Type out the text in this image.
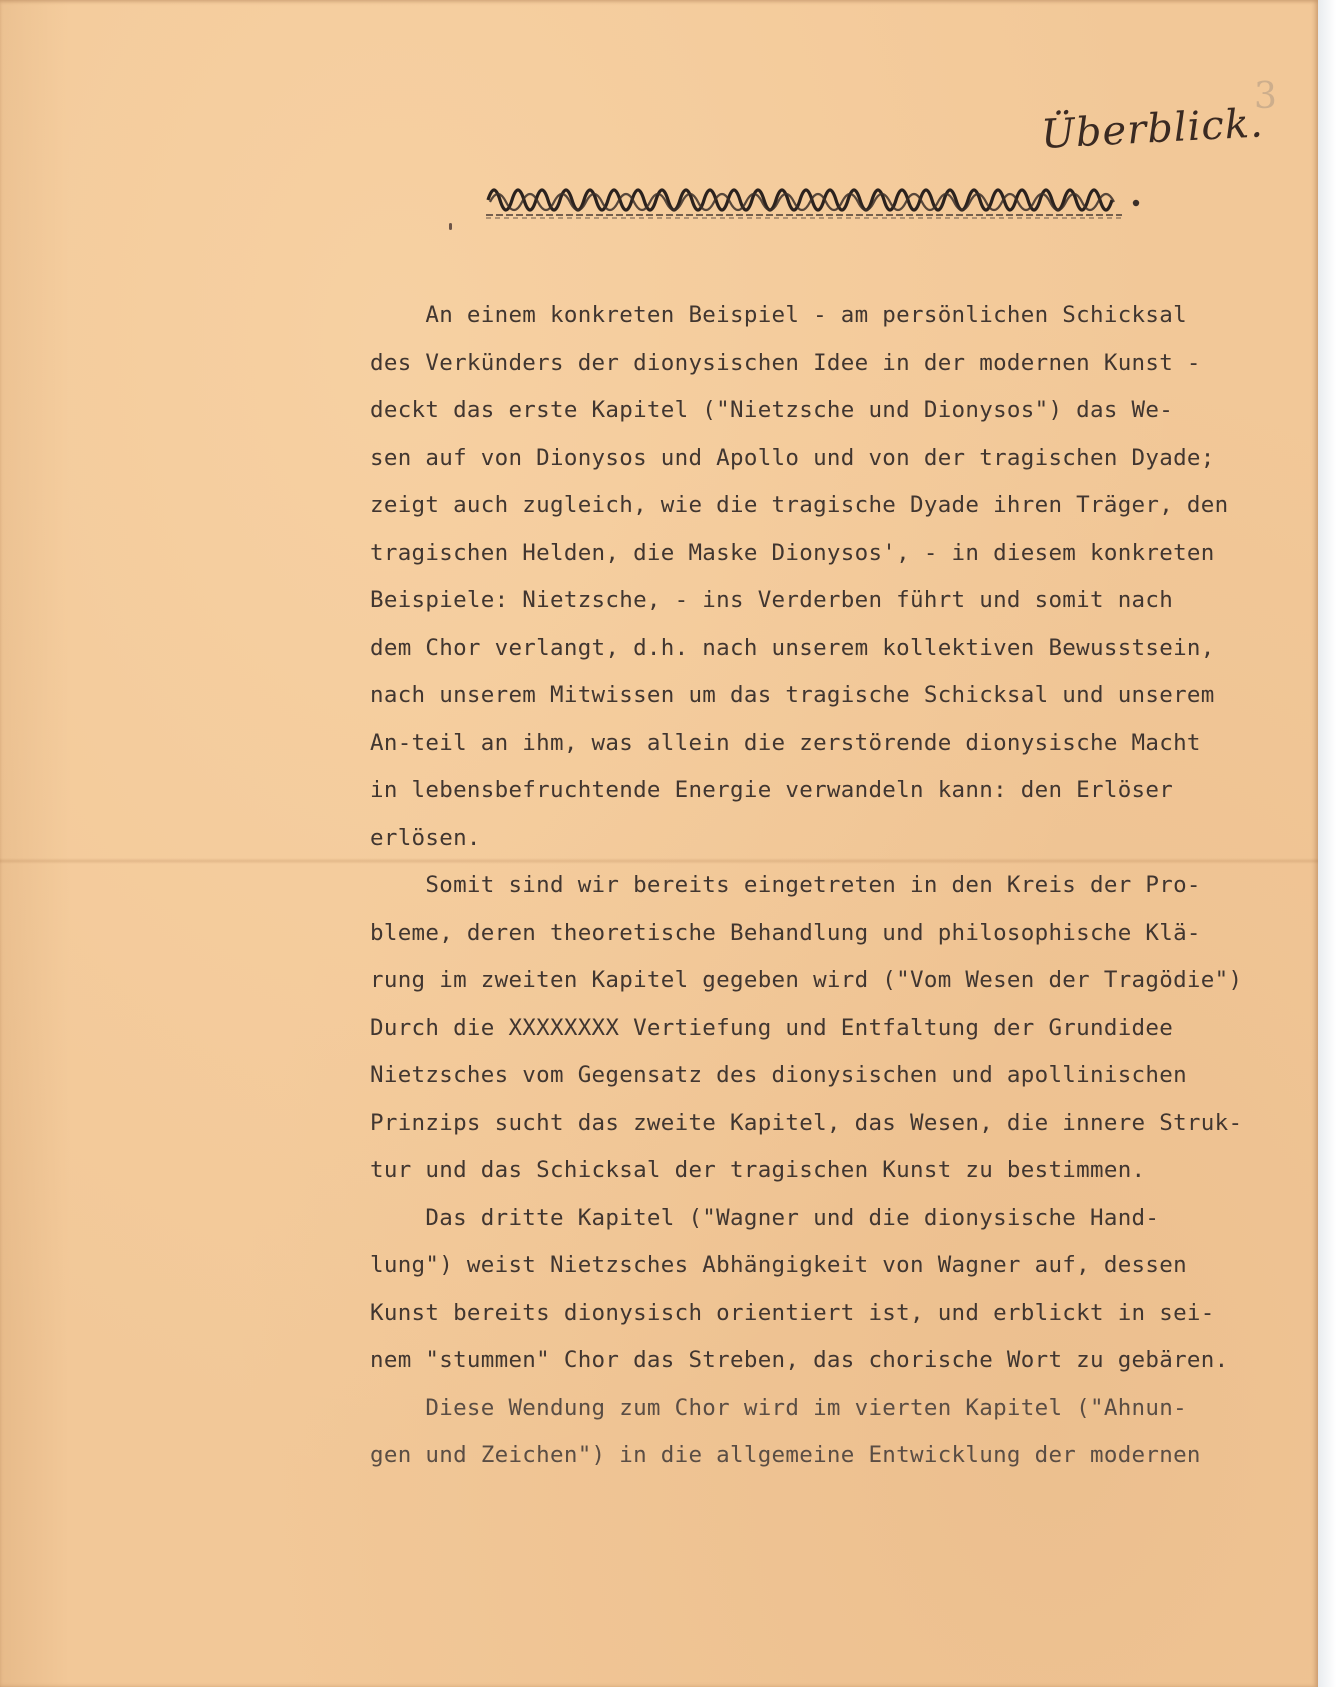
3
Überblick.

An einem konkreten Beispiel - am persönlichen Schicksal

des Verkünders der dionysischen Idee in der modernen Kunst -

deckt das erste Kapitel ("Nietzsche und Dionysos") das We-

sen auf von Dionysos und Apollo und von der tragischen Dyade;

zeigt auch zugleich, wie die tragische Dyade ihren Träger, den

tragischen Helden, die Maske Dionysos', - in diesem konkreten

Beispiele: Nietzsche, - ins Verderben führt und somit nach

dem Chor verlangt, d.h. nach unserem kollektiven Bewusstsein,

nach unserem Mitwissen um das tragische Schicksal und unserem

An-teil an ihm, was allein die zerstörende dionysische Macht

in lebensbefruchtende Energie verwandeln kann: den Erlöser

erlösen.

Somit sind wir bereits eingetreten in den Kreis der Pro-

bleme, deren theoretische Behandlung und philosophische Klä-

rung im zweiten Kapitel gegeben wird ("Vom Wesen der Tragödie")

Durch die XXXXXXXX Vertiefung und Entfaltung der Grundidee

Nietzsches vom Gegensatz des dionysischen und apollinischen

Prinzips sucht das zweite Kapitel, das Wesen, die innere Struk-

tur und das Schicksal der tragischen Kunst zu bestimmen.

Das dritte Kapitel ("Wagner und die dionysische Hand-

lung") weist Nietzsches Abhängigkeit von Wagner auf, dessen

Kunst bereits dionysisch orientiert ist, und erblickt in sei-

nem "stummen" Chor das Streben, das chorische Wort zu gebären.

Diese Wendung zum Chor wird im vierten Kapitel ("Ahnun-

gen und Zeichen") in die allgemeine Entwicklung der modernen
